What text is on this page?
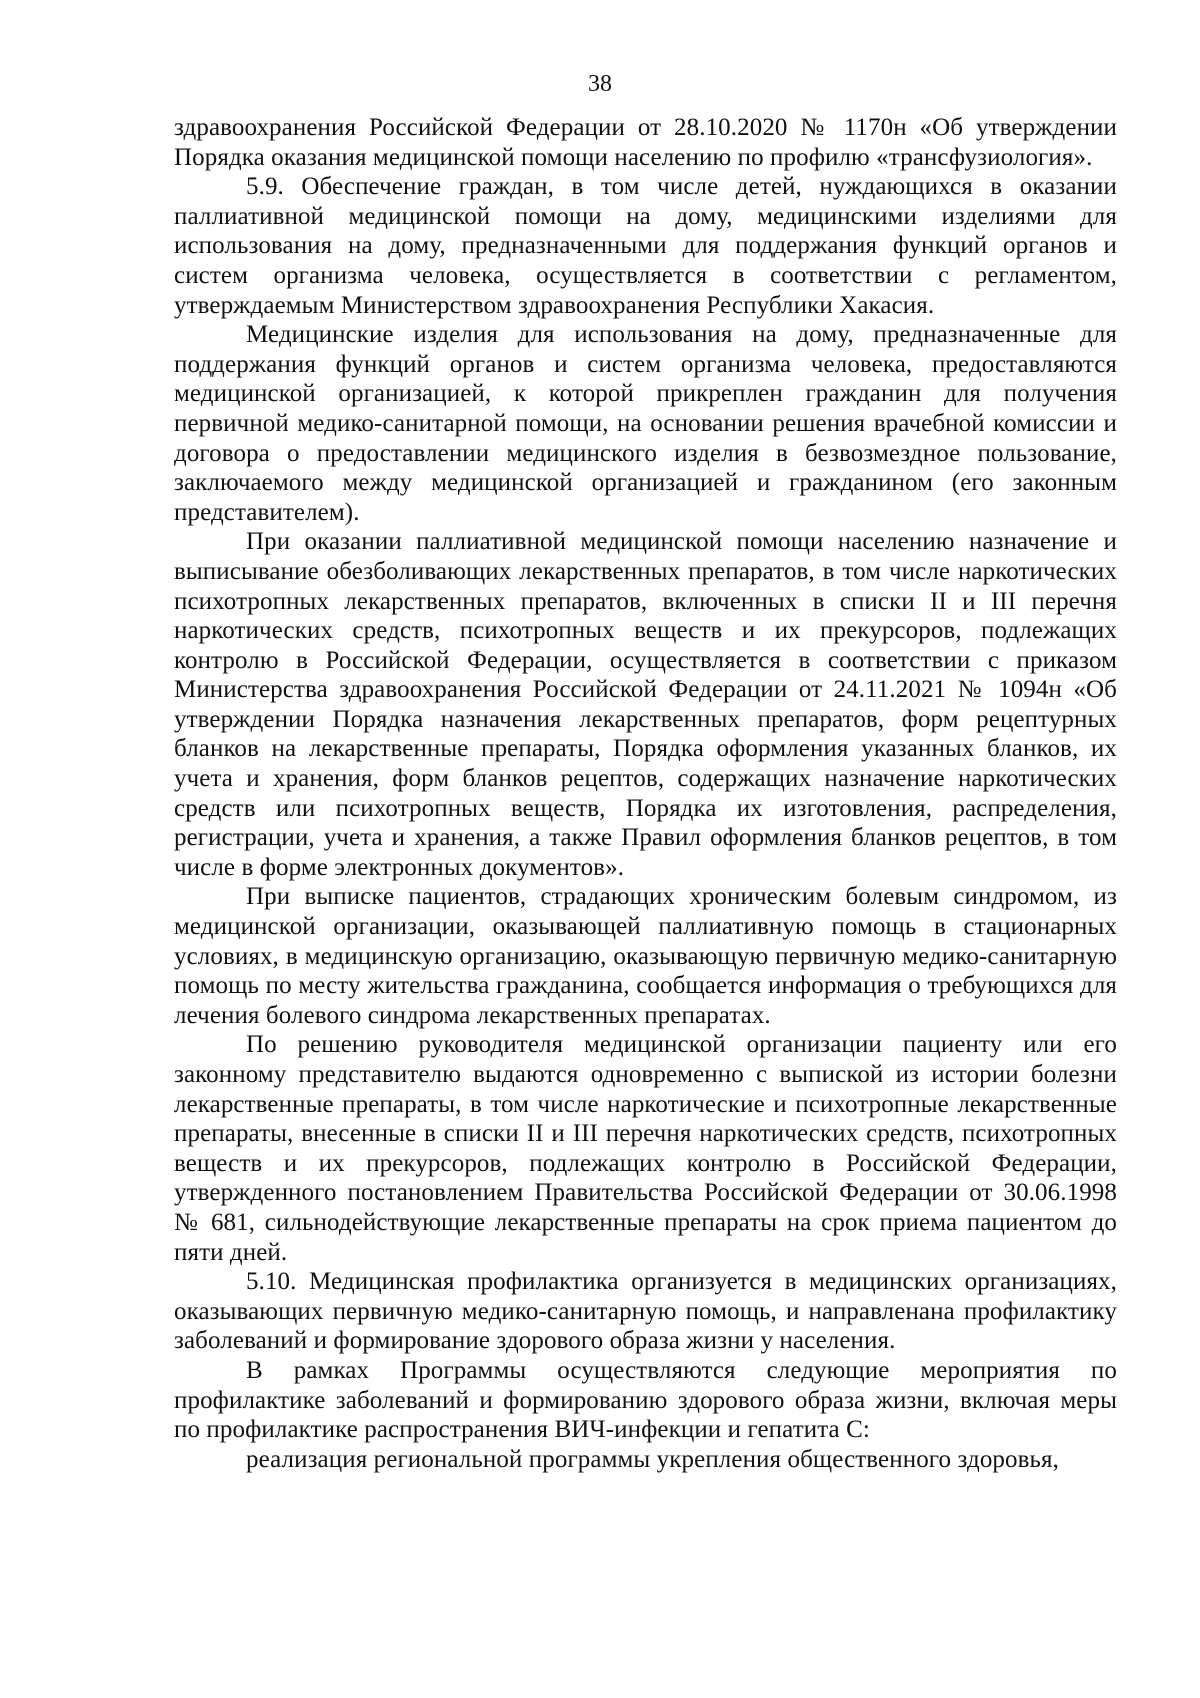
38

здравоохранения Российской Федерации от 28.10.2020 № 1170н «Об утверждении Порядка оказания медицинской помощи населению по профилю «трансфузиология».

5.9. Обеспечение граждан, в том числе детей, нуждающихся в оказании паллиативной медицинской помощи на дому, медицинскими изделиями для использования на дому, предназначенными для поддержания функций органов и систем организма человека, осуществляется в соответствии с регламентом, утверждаемым Министерством здравоохранения Республики Хакасия.

Медицинские изделия для использования на дому, предназначенные для поддержания функций органов и систем организма человека, предоставляются медицинской организацией, к которой прикреплен гражданин для получения первичной медико-санитарной помощи, на основании решения врачебной комиссии и договора о предоставлении медицинского изделия в безвозмездное пользование, заключаемого между медицинской организацией и гражданином (его законным представителем).

При оказании паллиативной медицинской помощи населению назначение и выписывание обезболивающих лекарственных препаратов, в том числе наркотических психотропных лекарственных препаратов, включенных в списки II и III перечня наркотических средств, психотропных веществ и их прекурсоров, подлежащих контролю в Российской Федерации, осуществляется в соответствии с приказом Министерства здравоохранения Российской Федерации от 24.11.2021 № 1094н «Об утверждении Порядка назначения лекарственных препаратов, форм рецептурных бланков на лекарственные препараты, Порядка оформления указанных бланков, их учета и хранения, форм бланков рецептов, содержащих назначение наркотических средств или психотропных веществ, Порядка их изготовления, распределения, регистрации, учета и хранения, а также Правил оформления бланков рецептов, в том числе в форме электронных документов».

При выписке пациентов, страдающих хроническим болевым синдромом, из медицинской организации, оказывающей паллиативную помощь в стационарных условиях, в медицинскую организацию, оказывающую первичную медико-санитарную помощь по месту жительства гражданина, сообщается информация о требующихся для лечения болевого синдрома лекарственных препаратах.

По решению руководителя медицинской организации пациенту или его законному представителю выдаются одновременно с выпиской из истории болезни лекарственные препараты, в том числе наркотические и психотропные лекарственные препараты, внесенные в списки II и III перечня наркотических средств, психотропных веществ и их прекурсоров, подлежащих контролю в Российской Федерации, утвержденного постановлением Правительства Российской Федерации от 30.06.1998 № 681, сильнодействующие лекарственные препараты на срок приема пациентом до пяти дней.

5.10. Медицинская профилактика организуется в медицинских организациях, оказывающих первичную медико-санитарную помощь, и направленана профилактику заболеваний и формирование здорового образа жизни у населения.

В рамках Программы осуществляются следующие мероприятия по профилактике заболеваний и формированию здорового образа жизни, включая меры по профилактике распространения ВИЧ-инфекции и гепатита С:

реализация региональной программы укрепления общественного здоровья,
